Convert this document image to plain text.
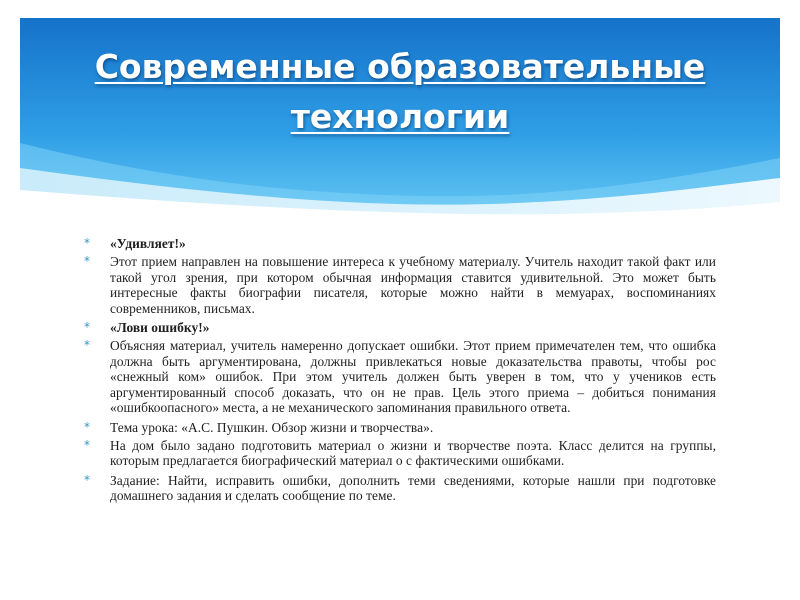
Современные образовательные технологии
* «Удивляет!»
* Этот прием направлен на повышение интереса к учебному материалу. Учитель находит такой факт или такой угол зрения, при котором обычная информация ставится удивительной. Это может быть интересные факты биографии писателя, которые можно найти в мемуарах, воспоминаниях современников, письмах.
* «Лови ошибку!»
* Объясняя материал, учитель намеренно допускает ошибки. Этот прием примечателен тем, что ошибка должна быть аргументирована, должны привлекаться новые доказательства правоты, чтобы рос «снежный ком» ошибок. При этом учитель должен быть уверен в том, что у учеников есть аргументированный способ доказать, что он не прав. Цель этого приема – добиться понимания «ошибкоопасного» места, а не механического запоминания правильного ответа.
* Тема урока: «А.С. Пушкин. Обзор жизни и творчества».
* На дом было задано подготовить материал о жизни и творчестве поэта. Класс делится на группы, которым предлагается биографический материал о с фактическими ошибками.
* Задание: Найти, исправить ошибки, дополнить теми сведениями, которые нашли при подготовке домашнего задания и сделать сообщение по теме.
